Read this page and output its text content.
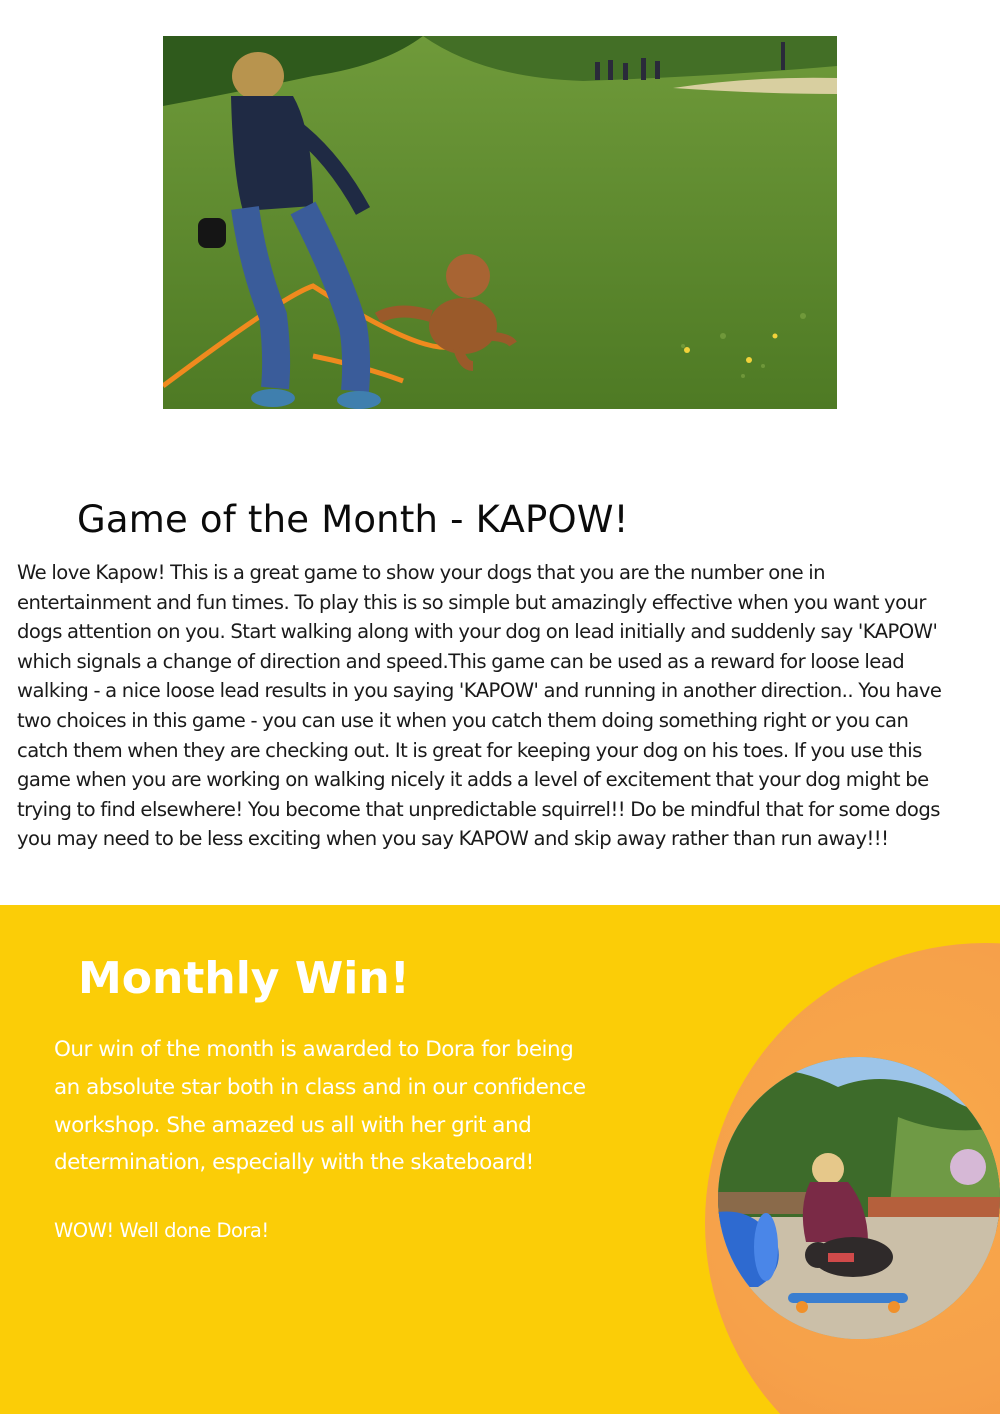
Game of the Month - KAPOW!

We love Kapow! This is a great game to show your dogs that you are the number one in

entertainment and fun times. To play this is so simple but amazingly effective when you want your

dogs attention on you. Start walking along with your dog on lead initially and suddenly say 'KAPOW'

which signals a change of direction and speed.This game can be used as a reward for loose lead

walking - a nice loose lead results in you saying 'KAPOW' and running in another direction.. You have

two choices in this game - you can use it when you catch them doing something right or you can

catch them when they are checking out. It is great for keeping your dog on his toes. If you use this

game when you are working on walking nicely it adds a level of excitement that your dog might be

trying to find elsewhere! You become that unpredictable squirrel!! Do be mindful that for some dogs

you may need to be less exciting when you say KAPOW and skip away rather than run away!!!

Monthly Win!

Our win of the month is awarded to Dora for being

an absolute star both in class and in our confidence

workshop. She amazed us all with her grit and

determination, especially with the skateboard!

WOW! Well done Dora!
